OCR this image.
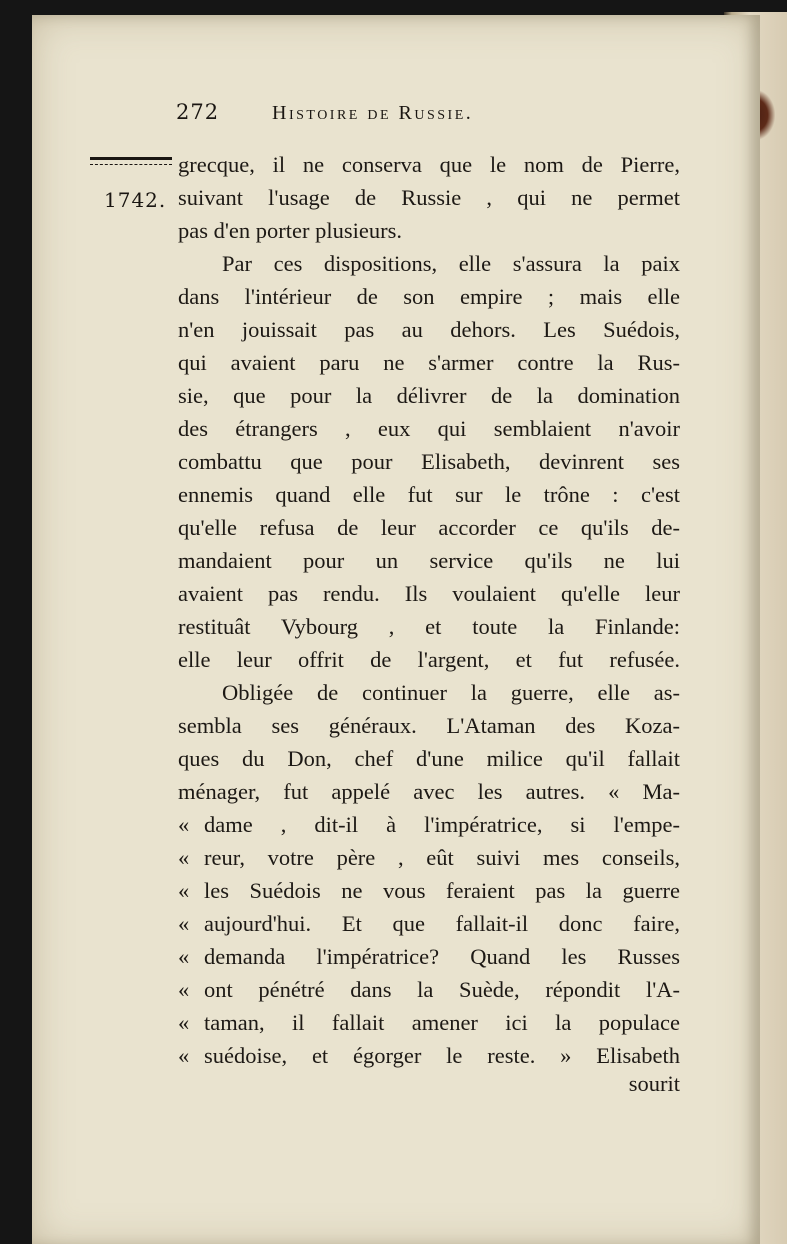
272	Histoire de Russie.
1742.
grecque, il ne conserva que le nom de Pierre,
suivant l'usage de Russie , qui ne permet
pas d'en porter plusieurs.
Par ces dispositions, elle s'assura la paix
dans l'intérieur de son empire ; mais elle
n'en jouissait pas au dehors. Les Suédois,
qui avaient paru ne s'armer contre la Rus-
sie, que pour la délivrer de la domination
des étrangers , eux qui semblaient n'avoir
combattu que pour Elisabeth, devinrent ses
ennemis quand elle fut sur le trône : c'est
qu'elle refusa de leur accorder ce qu'ils de-
mandaient pour un service qu'ils ne lui
avaient pas rendu. Ils voulaient qu'elle leur
restituât Vybourg , et toute la Finlande:
elle leur offrit de l'argent, et fut refusée.
Obligée de continuer la guerre, elle as-
sembla ses généraux. L'Ataman des Koza-
ques du Don, chef d'une milice qu'il fallait
ménager, fut appelé avec les autres. « Ma-
« dame , dit-il à l'impératrice, si l'empe-
« reur, votre père , eût suivi mes conseils,
« les Suédois ne vous feraient pas la guerre
« aujourd'hui. Et que fallait-il donc faire,
« demanda l'impératrice? Quand les Russes
« ont pénétré dans la Suède, répondit l'A-
« taman, il fallait amener ici la populace
« suédoise, et égorger le reste. » Elisabeth
sourit
